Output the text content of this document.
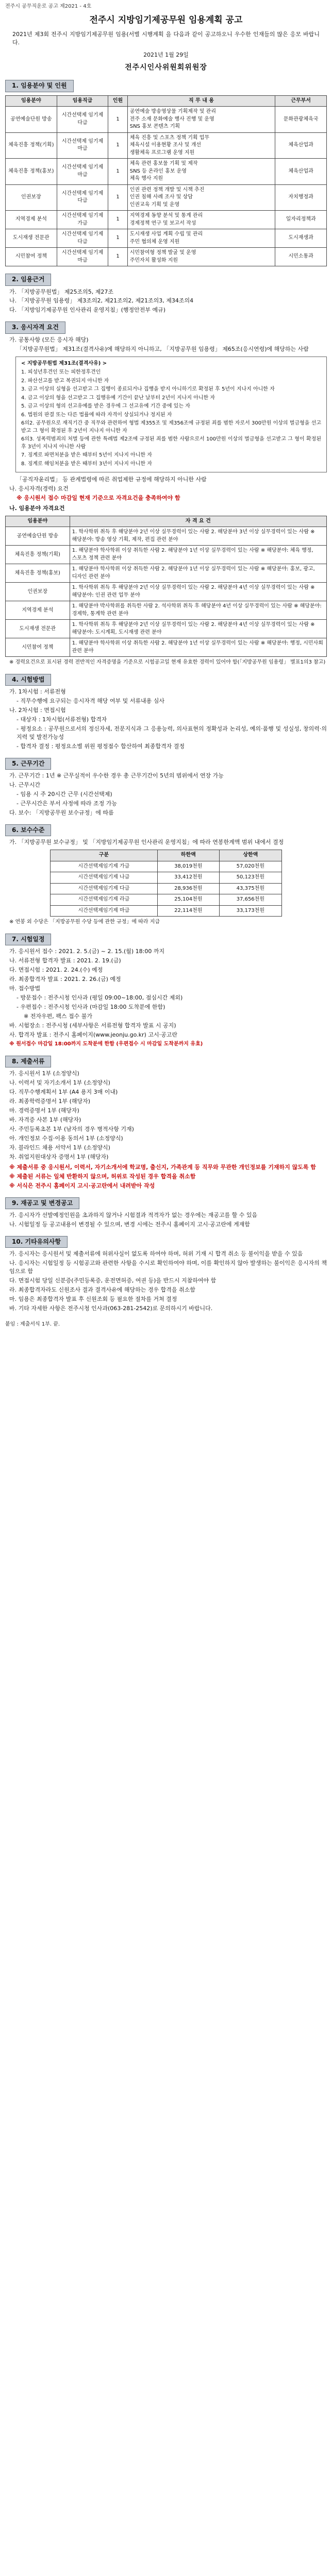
전주시 공무직운로 공고 제2021 - 4호
전주시 지방임기제공무원 임용계획 공고
2021년 제3회 전주시 지방임기제공무원 임용(서별 시행계획 을 다음과 같이 공고하오니 우수한 인재들의 많은 응모 바랍니다.
2021년 1월 29일
전주시인사위원회위원장
1. 임용분야 및 인원
임용분야	임용직급	인원	직 무 내 용	근무부서
공연예술단원 방송	시간선택제 임기제 다급	1	공연예술 방송영상물 기획제작 및 관리
전주 소재 문화예술 행사 진행 및 운영
SNS 홍보 콘텐츠 기획	문화관광체육국
체육진흥 정책(기획)	시간선택제 임기제 마급	1	체육 진흥 및 스포츠 정책 기획 업무
체육시설 이용현황 조사 및 개선
생활체육 프로그램 운영 지원	체육산업과
체육진흥 정책(홍보)	시간선택제 임기제 마급	1	체육 관련 홍보물 기획 및 제작
SNS 등 온라인 홍보 운영
체육 행사 지원	체육산업과
인권보장	시간선택제 임기제 다급	1	인권 관련 정책 개발 및 시책 추진
인권 침해 사례 조사 및 상담
인권교육 기획 및 운영	자치행정과
지역경제 분석	시간선택제 임기제 가급	1	지역경제 동향 분석 및 통계 관리
경제정책 연구 및 보고서 작성	일자리정책과
도시재생 전문관	시간선택제 임기제 다급	1	도시재생 사업 계획 수립 및 관리
주민 협의체 운영 지원	도시재생과
시민참여 정책	시간선택제 임기제 마급	1	시민참여형 정책 발굴 및 운영
주민자치 활성화 지원	시민소통과
2. 임용근거
가. 「지방공무원법」 제25조의5, 제27조
나. 「지방공무원 임용령」 제3조의2, 제21조의2, 제21조의3, 제34조의4
다. 「지방임기제공무원 인사관리 운영지침」(행정안전부 예규)
3. 응시자격 요건
가. 공통사항 (모든 응시자 해당)
「지방공무원법」 제31조(결격사유)에 해당하지 아니하고, 「지방공무원 임용령」 제65조(응시연령)에 해당하는 사람
< 지방공무원법 제31조(결격사유) >
1. 피성년후견인 또는 피한정후견인
2. 파산선고를 받고 복권되지 아니한 자
3. 금고 이상의 실형을 선고받고 그 집행이 종료되거나 집행을 받지 아니하기로 확정된 후 5년이 지나지 아니한 자
4. 금고 이상의 형을 선고받고 그 집행유예 기간이 끝난 날부터 2년이 지나지 아니한 자
5. 금고 이상의 형의 선고유예를 받은 경우에 그 선고유예 기간 중에 있는 자
6. 법원의 판결 또는 다른 법률에 따라 자격이 상실되거나 정지된 자
6의2. 공무원으로 재직기간 중 직무와 관련하여 형법 제355조 및 제356조에 규정된 죄를 범한 자로서 300만원 이상의 벌금형을 선고받고 그 형이 확정된 후 2년이 지나지 아니한 자
6의3. 성폭력범죄의 처벌 등에 관한 특례법 제2조에 규정된 죄를 범한 사람으로서 100만원 이상의 벌금형을 선고받고 그 형이 확정된 후 3년이 지나지 아니한 사람
7. 징계로 파면처분을 받은 때부터 5년이 지나지 아니한 자
8. 징계로 해임처분을 받은 때부터 3년이 지나지 아니한 자
「공직자윤리법」 등 관계법령에 따른 취업제한 규정에 해당하지 아니한 사람
나. 응시자격(경력) 요건
※ 응시원서 접수 마감일 현재 기준으로 자격요건을 충족하여야 함
나. 임용분야 자격요건
임용분야	자 격 요 건
공연예술단원 방송	1. 학사학위 취득 후 해당분야 2년 이상 실무경력이 있는 사람 2. 해당분야 3년 이상 실무경력이 있는 사람 ※ 해당분야: 방송 영상 기획, 제작, 편집 관련 분야
체육진흥 정책(기획)	1. 해당분야 학사학위 이상 취득한 사람 2. 해당분야 1년 이상 실무경력이 있는 사람 ※ 해당분야: 체육 행정, 스포츠 정책 관련 분야
체육진흥 정책(홍보)	1. 해당분야 학사학위 이상 취득한 사람 2. 해당분야 1년 이상 실무경력이 있는 사람 ※ 해당분야: 홍보, 광고, 디자인 관련 분야
인권보장	1. 학사학위 취득 후 해당분야 2년 이상 실무경력이 있는 사람 2. 해당분야 4년 이상 실무경력이 있는 사람 ※ 해당분야: 인권 관련 업무 분야
지역경제 분석	1. 해당분야 박사학위를 취득한 사람 2. 석사학위 취득 후 해당분야 4년 이상 실무경력이 있는 사람 ※ 해당분야: 경제학, 통계학 관련 분야
도시재생 전문관	1. 학사학위 취득 후 해당분야 2년 이상 실무경력이 있는 사람 2. 해당분야 4년 이상 실무경력이 있는 사람 ※ 해당분야: 도시계획, 도시재생 관련 분야
시민참여 정책	1. 해당분야 학사학위 이상 취득한 사람 2. 해당분야 1년 이상 실무경력이 있는 사람 ※ 해당분야: 행정, 시민사회 관련 분야
※ 경력요건으로 표시된 경력 전반적인 자격증명을 기준으로 시험공고일 현재 유효한 경력이 있어야 함(「지방공무원 임용령」 별표1의3 참고)
4. 시험방법
가. 1차시험 : 서류전형
- 직무수행에 요구되는 응시자격 해당 여부 및 서류내용 심사
나. 2차시험 : 면접시험
- 대상자 : 1차시험(서류전형) 합격자
- 평정요소 : 공무원으로서의 정신자세, 전문지식과 그 응용능력, 의사표현의 정확성과 논리성, 예의·품행 및 성실성, 창의력·의지력 및 발전가능성
- 합격자 결정 : 평정요소별 위원 평정점수 합산하여 최종합격자 결정
5. 근무기간
가. 근무기간 : 1년 ※ 근무실적이 우수한 경우 총 근무기간이 5년의 범위에서 연장 가능
나. 근무시간
- 임용 시 주 20시간 근무 (시간선택제)
- 근무시간은 부서 사정에 따라 조정 가능
다. 보수: 「지방공무원 보수규정」에 따름
6. 보수수준
가. 「지방공무원 보수규정」 및 「지방임기제공무원 인사관리 운영지침」에 따라 연봉한계액 범위 내에서 결정
구분	하한액	상한액
시간선택제임기제 가급	38,019천원	57,020천원
시간선택제임기제 나급	33,412천원	50,123천원
시간선택제임기제 다급	28,936천원	43,375천원
시간선택제임기제 라급	25,104천원	37,656천원
시간선택제임기제 마급	22,114천원	33,173천원
※ 연봉 외 수당은 「지방공무원 수당 등에 관한 규정」에 따라 지급
7. 시험일정
가. 응시원서 접수 : 2021. 2. 5.(금) ~ 2. 15.(월) 18:00 까지
나. 서류전형 합격자 발표 : 2021. 2. 19.(금)
다. 면접시험 : 2021. 2. 24.(수) 예정
라. 최종합격자 발표 : 2021. 2. 26.(금) 예정
마. 접수방법
- 방문접수 : 전주시청 인사과 (평일 09:00~18:00, 점심시간 제외)
- 우편접수 : 전주시청 인사과 (마감일 18:00 도착분에 한함)
※ 전자우편, 팩스 접수 불가
바. 시험장소 : 전주시청 (세부사항은 서류전형 합격자 발표 시 공지)
사. 합격자 발표 : 전주시 홈페이지(www.jeonju.go.kr) 고시·공고란
※ 원서접수 마감일 18:00까지 도착분에 한함 (우편접수 시 마감일 도착분까지 유효)
8. 제출서류
가. 응시원서 1부 (소정양식)
나. 이력서 및 자기소개서 1부 (소정양식)
다. 직무수행계획서 1부 (A4 용지 3매 이내)
라. 최종학력증명서 1부 (해당자)
마. 경력증명서 1부 (해당자)
바. 자격증 사본 1부 (해당자)
사. 주민등록초본 1부 (남자의 경우 병적사항 기재)
아. 개인정보 수집·이용 동의서 1부 (소정양식)
자. 블라인드 채용 서약서 1부 (소정양식)
차. 취업지원대상자 증명서 1부 (해당자)
※ 제출서류 중 응시원서, 이력서, 자기소개서에 학교명, 출신지, 가족관계 등 직무와 무관한 개인정보를 기재하지 않도록 함
※ 제출된 서류는 일체 반환하지 않으며, 허위로 작성된 경우 합격을 취소함
※ 서식은 전주시 홈페이지 고시·공고란에서 내려받아 작성
9. 재공고 및 변경공고
가. 응시자가 선발예정인원을 초과하지 않거나 시험결과 적격자가 없는 경우에는 재공고를 할 수 있음
나. 시험일정 등 공고내용이 변경될 수 있으며, 변경 시에는 전주시 홈페이지 고시·공고란에 게재함
10. 기타유의사항
가. 응시자는 응시원서 및 제출서류에 허위사실이 없도록 하여야 하며, 허위 기재 시 합격 취소 등 불이익을 받을 수 있음
나. 응시자는 시험일정 등 시험공고와 관련한 사항을 수시로 확인하여야 하며, 이를 확인하지 않아 발생하는 불이익은 응시자의 책임으로 함
다. 면접시험 당일 신분증(주민등록증, 운전면허증, 여권 등)을 반드시 지참하여야 함
라. 최종합격자라도 신원조사 결과 결격사유에 해당하는 경우 합격을 취소함
마. 임용은 최종합격자 발표 후 신원조회 등 필요한 절차를 거쳐 결정
바. 기타 자세한 사항은 전주시청 인사과(063-281-2542)로 문의하시기 바랍니다.
붙임 : 제출서식 1부. 끝.
